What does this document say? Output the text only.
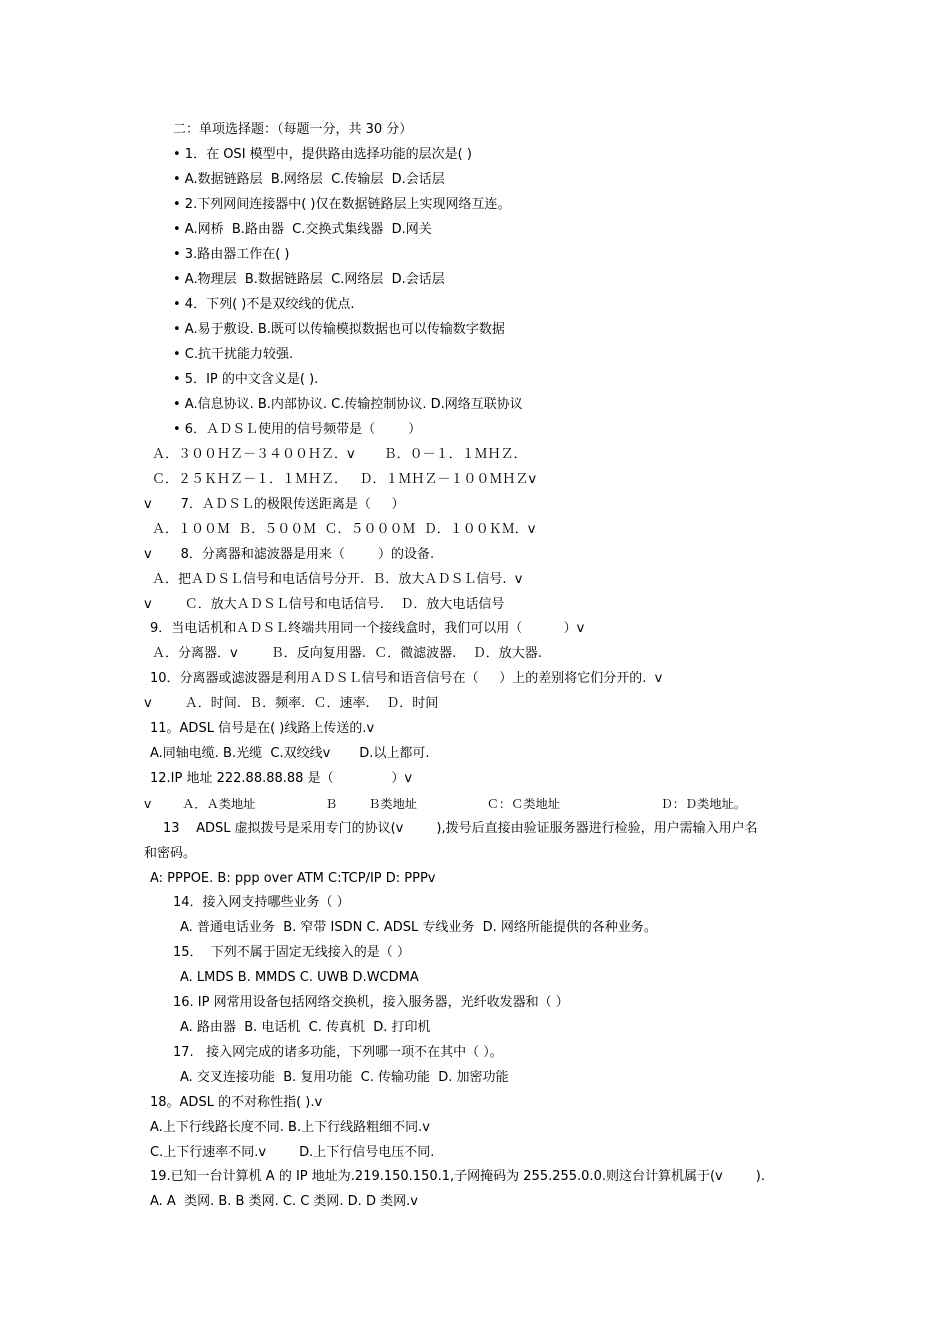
二：单项选择题：（每题一分，共 30 分）
• 1．在 OSI 模型中，提供路由选择功能的层次是( )
• A.数据链路层  B.网络层  C.传输层  D.会话层
• 2.下列网间连接器中( )仅在数据链路层上实现网络互连。
• A.网桥  B.路由器  C.交换式集线器  D.网关
• 3.路由器工作在( )
• A.物理层  B.数据链路层  C.网络层  D.会话层
• 4．下列( )不是双绞线的优点.
• A.易于敷设. B.既可以传输模拟数据也可以传输数字数据
• C.抗干扰能力较强.
• 5．IP 的中文含义是( ).
• A.信息协议. B.内部协议. C.传输控制协议. D.网络互联协议
• 6．ＡＤＳＬ使用的信号频带是（        ）
Ａ．３００ＨＺ－３４００ＨＺ．v       Ｂ．０－１．１ＭＨＺ．
Ｃ．２５ＫＨＺ－１．１ＭＨＺ．   Ｄ．１ＭＨＺ－１００ＭＨＺv
v       7．ＡＤＳＬ的极限传送距离是（     ）
Ａ．１００Ｍ  Ｂ．５００Ｍ  Ｃ．５０００Ｍ  Ｄ．１００ＫＭ．v
v       8．分离器和滤波器是用来（        ）的设备.
Ａ．把ＡＤＳＬ信号和电话信号分开.  Ｂ．放大ＡＤＳＬ信号.  v
v        Ｃ．放大ＡＤＳＬ信号和电话信号.    Ｄ．放大电话信号
9．当电话机和ＡＤＳＬ终端共用同一个接线盒时，我们可以用（          ）v
Ａ．分离器．v        Ｂ．反向复用器.  Ｃ．微滤波器.    Ｄ．放大器.
10．分离器或滤波器是利用ＡＤＳＬ信号和语音信号在（     ）上的差别将它们分开的.  v
v        Ａ．时间.  Ｂ．频率.  Ｃ．速率.    Ｄ．时间
11。ADSL 信号是在( )线路上传送的.v
A.同轴电缆. B.光缆  C.双绞线v       D.以上都可.
12.IP 地址 222.88.88.88 是（              ）v
v        Ａ．Ａ类地址                  Ｂ        Ｂ类地址                  Ｃ：Ｃ类地址                          Ｄ：Ｄ类地址。
13    ADSL 虚拟拨号是采用专门的协议(v        ),拨号后直接由验证服务器进行检验，用户需输入用户名
和密码。
A: PPPOE. B: ppp over ATM C:TCP/IP D: PPPv
14．接入网支持哪些业务（ ）
A. 普通电话业务  B. 窄带 ISDN C. ADSL 专线业务  D. 网络所能提供的各种业务。
15．  下列不属于固定无线接入的是（ ）
A. LMDS B. MMDS C. UWB D.WCDMA
16. IP 网常用设备包括网络交换机，接入服务器，光纤收发器和（ ）
A. 路由器  B. 电话机  C. 传真机  D. 打印机
17.   接入网完成的诸多功能，下列哪一项不在其中（ ）。
A. 交叉连接功能  B. 复用功能  C. 传输功能  D. 加密功能
18。ADSL 的不对称性指( ).v
A.上下行线路长度不同. B.上下行线路粗细不同.v
C.上下行速率不同.v        D.上下行信号电压不同.
19.已知一台计算机 A 的 IP 地址为.219.150.150.1,子网掩码为 255.255.0.0.则这台计算机属于(v        ).
A. A  类网. B. B 类网. C. C 类网. D. D 类网.v
